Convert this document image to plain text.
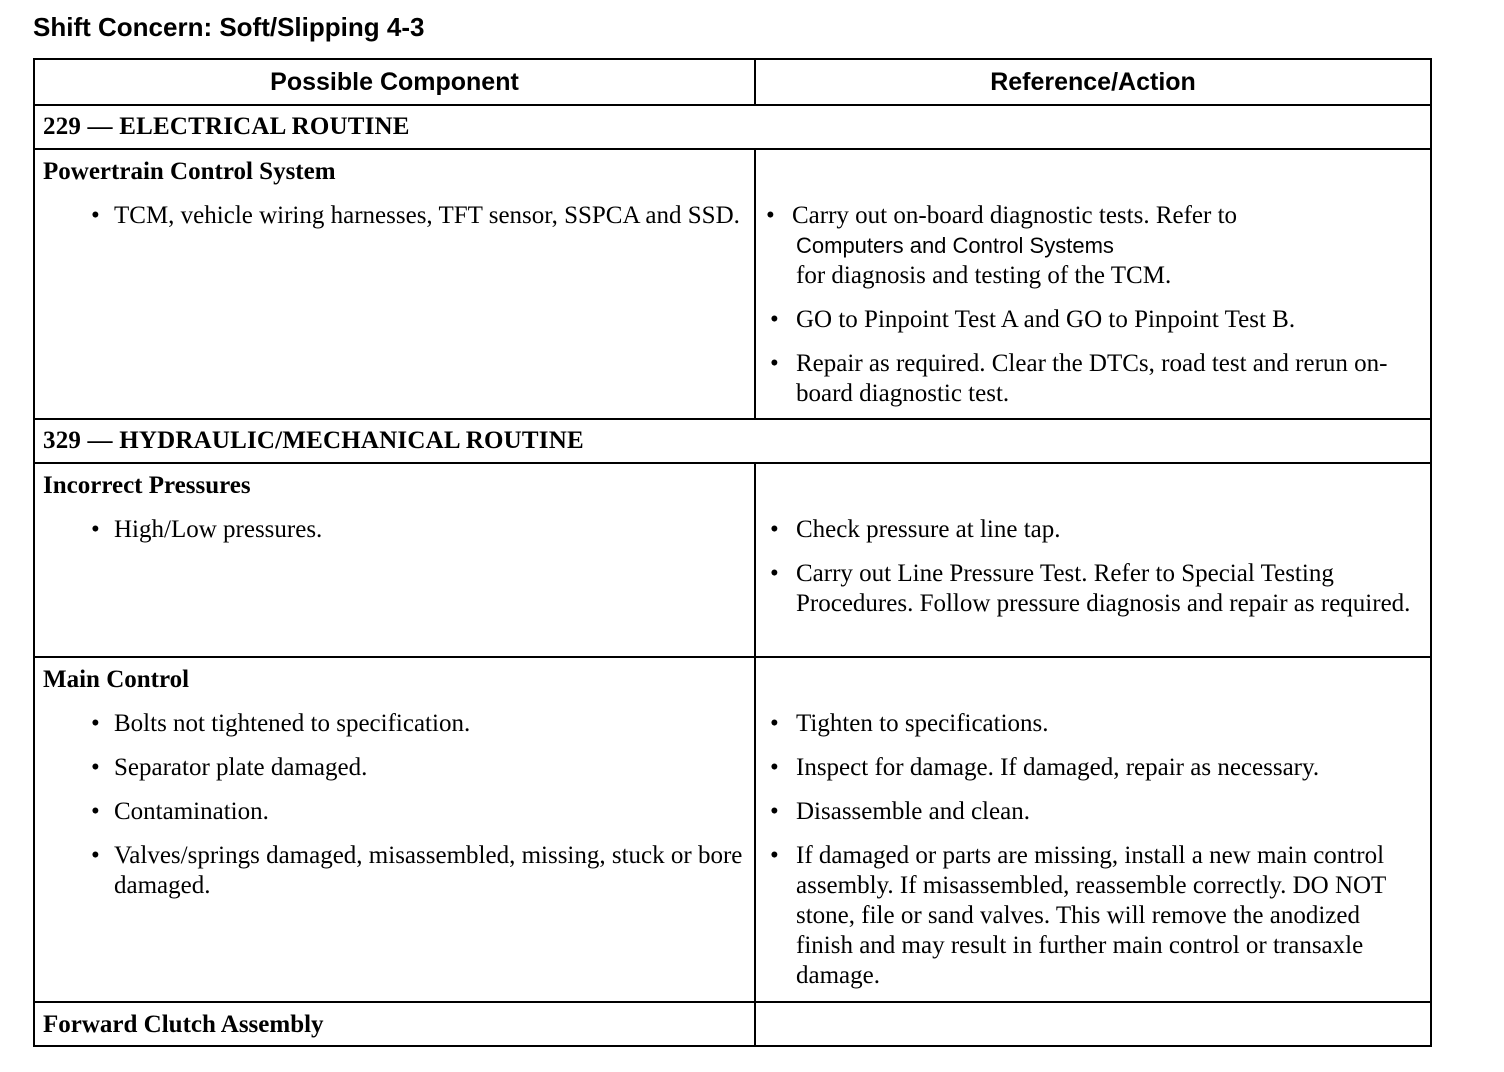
Shift Concern: Soft/Slipping 4-3
Possible Component	Reference/Action
229 — ELECTRICAL ROUTINE
Powertrain Control System
• TCM, vehicle wiring harnesses, TFT sensor, SSPCA and SSD. • Carry out on-board diagnostic tests. Refer to
Computers and Control Systems
for diagnosis and testing of the TCM.
• GO to Pinpoint Test A and GO to Pinpoint Test B.
• Repair as required. Clear the DTCs, road test and rerun on-board diagnostic test.
329 — HYDRAULIC/MECHANICAL ROUTINE
Incorrect Pressures
• High/Low pressures.	• Check pressure at line tap.
• Carry out Line Pressure Test. Refer to Special Testing Procedures. Follow pressure diagnosis and repair as required.
Main Control
• Bolts not tightened to specification.
• Separator plate damaged.
• Contamination.
• Valves/springs damaged, misassembled, missing, stuck or bore damaged.
• Tighten to specifications.
• Inspect for damage. If damaged, repair as necessary.
• Disassemble and clean.
• If damaged or parts are missing, install a new main control assembly. If misassembled, reassemble correctly. DO NOT stone, file or sand valves. This will remove the anodized finish and may result in further main control or transaxle damage.
Forward Clutch Assembly
